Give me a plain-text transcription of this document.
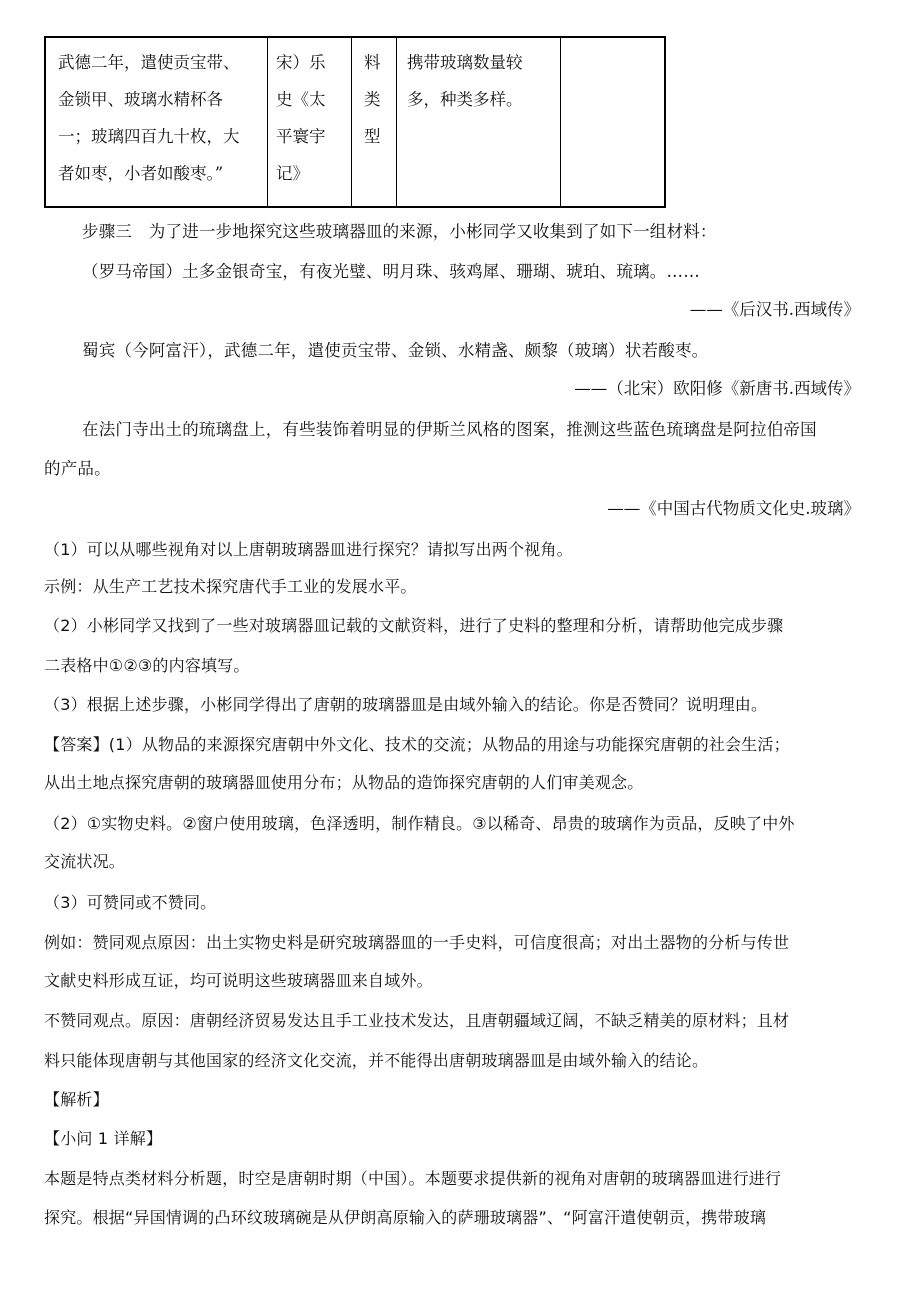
武德二年，遣使贡宝带、
金锁甲、玻璃水精杯各
一；玻璃四百九十枚，大
者如枣，小者如酸枣。”
宋）乐
史《太
平寰宇
记》
料
类
型
携带玻璃数量较
多，种类多样。
步骤三　为了进一步地探究这些玻璃器皿的来源，小彬同学又收集到了如下一组材料：
（罗马帝国）土多金银奇宝，有夜光璧、明月珠、骇鸡犀、珊瑚、琥珀、琉璃。……
——《后汉书.西域传》
蜀宾（今阿富汗），武德二年，遣使贡宝带、金锁、水精盏、颇黎（玻璃）状若酸枣。
——（北宋）欧阳修《新唐书.西域传》
在法门寺出土的琉璃盘上，有些装饰着明显的伊斯兰风格的图案，推测这些蓝色琉璃盘是阿拉伯帝国
的产品。
——《中国古代物质文化史.玻璃》
（1）可以从哪些视角对以上唐朝玻璃器皿进行探究？请拟写出两个视角。
示例：从生产工艺技术探究唐代手工业的发展水平。
（2）小彬同学又找到了一些对玻璃器皿记载的文献资料，进行了史料的整理和分析，请帮助他完成步骤
二表格中①②③的内容填写。
（3）根据上述步骤，小彬同学得出了唐朝的玻璃器皿是由域外输入的结论。你是否赞同？说明理由。
【答案】(1）从物品的来源探究唐朝中外文化、技术的交流；从物品的用途与功能探究唐朝的社会生活；
从出土地点探究唐朝的玻璃器皿使用分布；从物品的造饰探究唐朝的人们审美观念。
（2）①实物史料。②窗户使用玻璃，色泽透明，制作精良。③以稀奇、昂贵的玻璃作为贡品，反映了中外
交流状况。
（3）可赞同或不赞同。
例如：赞同观点原因：出土实物史料是研究玻璃器皿的一手史料，可信度很高；对出土器物的分析与传世
文献史料形成互证，均可说明这些玻璃器皿来自域外。
不赞同观点。原因：唐朝经济贸易发达且手工业技术发达，且唐朝疆域辽阔，不缺乏精美的原材料；且材
料只能体现唐朝与其他国家的经济文化交流，并不能得出唐朝玻璃器皿是由域外输入的结论。
【解析】
【小问 1 详解】
本题是特点类材料分析题，时空是唐朝时期（中国）。本题要求提供新的视角对唐朝的玻璃器皿进行进行
探究。根据“异国情调的凸环纹玻璃碗是从伊朗高原输入的萨珊玻璃器”、“阿富汗遣使朝贡，携带玻璃
